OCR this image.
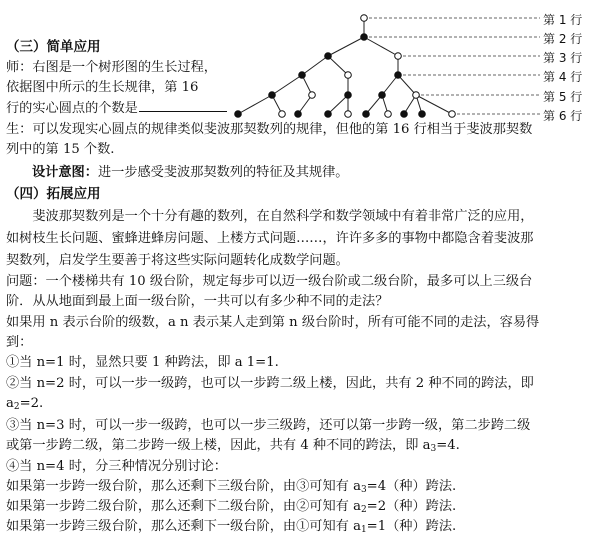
第 1 行
第 2 行
第 3 行
第 4 行
第 5 行
第 6 行
（三）简单应用
师：右图是一个树形图的生长过程，
依据图中所示的生长规律，第 16
行的实心圆点的个数是
生：可以发现实心圆点的规律类似斐波那契数列的规律，但他的第 16 行相当于斐波那契数
列中的第 15 个数.
设计意图：进一步感受斐波那契数列的特征及其规律。
（四）拓展应用
　　斐波那契数列是一个十分有趣的数列，在自然科学和数学领域中有着非常广泛的应用，
如树枝生长问题、蜜蜂进蜂房问题、上楼方式问题……，许许多多的事物中都隐含着斐波那
契数列，启发学生要善于将这些实际问题转化成数学问题。
问题：一个楼梯共有 10 级台阶，规定每步可以迈一级台阶或二级台阶，最多可以上三级台
阶．从从地面到最上面一级台阶，一共可以有多少种不同的走法？
如果用 n 表示台阶的级数，a n 表示某人走到第 n 级台阶时，所有可能不同的走法，容易得
到：
①当 n=1 时，显然只要 1 种跨法，即 a 1=1.
②当 n=2 时，可以一步一级跨，也可以一步跨二级上楼，因此，共有 2 种不同的跨法，即
$a_2=2$.
③当 n=3 时，可以一步一级跨，也可以一步三级跨，还可以第一步跨一级，第二步跨二级
或第一步跨二级，第二步跨一级上楼，因此，共有 4 种不同的跨法，即 $a_3=4$.
④当 n=4 时，分三种情况分别讨论：
如果第一步跨一级台阶，那么还剩下三级台阶，由③可知有 $a_3=4$（种）跨法.
如果第一步跨二级台阶，那么还剩下二级台阶，由②可知有 $a_2=2$（种）跨法.
如果第一步跨三级台阶，那么还剩下一级台阶，由①可知有 $a_1=1$（种）跨法.
